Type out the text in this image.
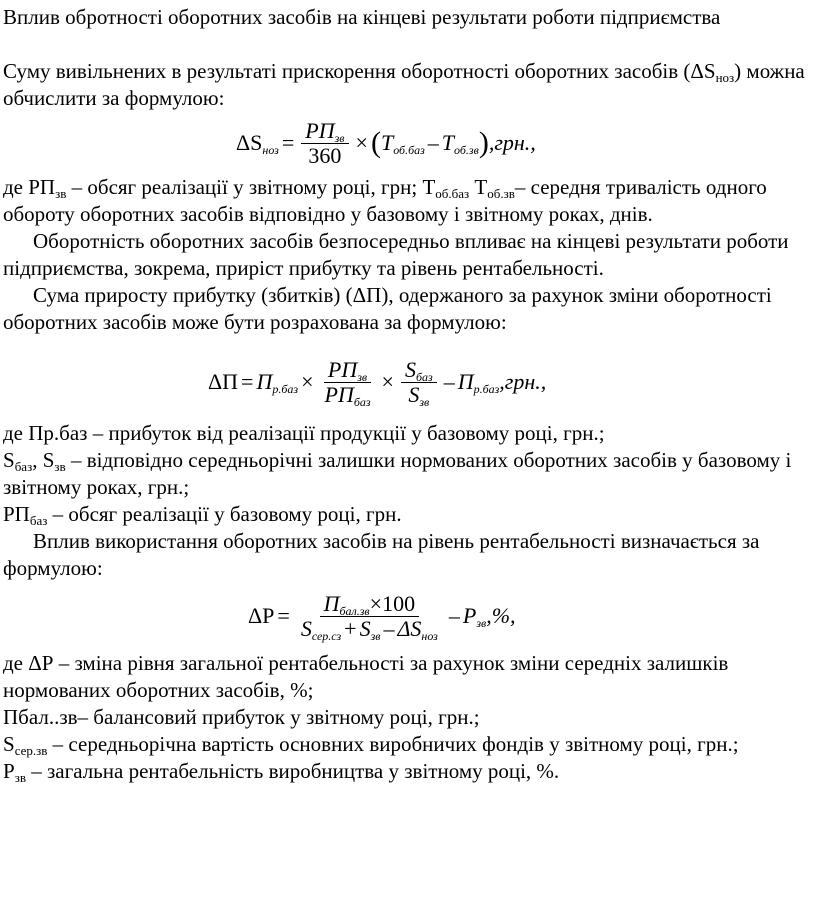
Вплив обротності оборотних засобів на кінцеві результати роботи підприємства

Суму вивільнених в результаті прискорення оборотності оборотних засобів $(\Delta S_{ноз})$ можна обчислити за формулою:

$\Delta S_{ноз} = \frac{РП_{зв}}{360}$ × ( $T_{об.баз} - T_{об.зв}$ ) ,грн.,

де $РП_{зв}$ – обсяг реалізації у звітному році, грн; $Т_{об.баз}$ $Т_{об.зв}-$ середня тривалість одного обороту оборотних засобів відповідно у базовому і звітному роках, днів.

Оборотність оборотних засобів безпосередньо впливає на кінцеві результати роботи підприємства, зокрема, приріст прибутку та рівень рентабельності.

Сума приросту прибутку (збитків) (ΔП), одержаного за рахунок зміни оборотності оборотних засобів може бути розрахована за формулою:

$\Delta П = П_{р.баз} \times \frac{РП_{зв}}{РП_{баз}} \times \frac{S_{баз}}{S_{зв}} - П_{р.баз}$ ,грн.,

де Пр.баз – прибуток від реалізації продукції у базовому році, грн.;

$S_{баз}$, $S_{зв}$ – відповідно середньорічні залишки нормованих оборотних засобів у базовому і звітному роках, грн.;

$РП_{баз}$ – обсяг реалізації у базовому році, грн.

Вплив використання оборотних засобів на рівень рентабельності визначається за формулою:

$\Delta P = \frac{П_{бал.зв}\times 100}{S_{сер.сз} + S_{зв} - \Delta S_{ноз}} - P_{зв}$ ,%,

де ΔР – зміна рівня загальної рентабельності за рахунок зміни середніх залишків нормованих оборотних засобів, %;

Пбал..зв– балансовий прибуток у звітному році, грн.;

$S_{сер.зв}$ – середньорічна вартість основних виробничих фондів у звітному році, грн.;

$Р_{зв}$ – загальна рентабельність виробництва у звітному році, %.
